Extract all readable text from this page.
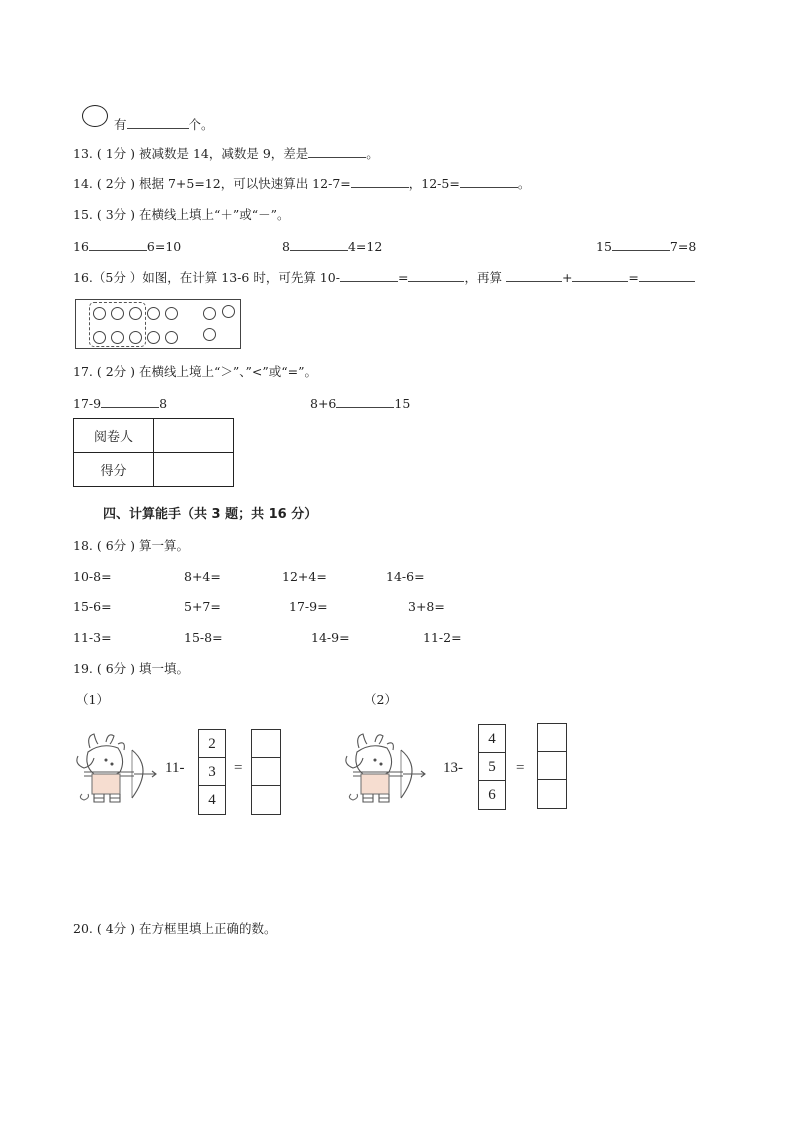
有	个。
13. ( 1分 ) 被减数是 14，减数是 9，差是	。
14. ( 2分 ) 根据 7+5=12，可以快速算出 12-7=	，12-5=	。
15. ( 3分 ) 在横线上填上“＋”或“－”。
16	6=10	8	4=12	15	7=8
16.（5分 ）如图，在计算 13-6 时，可先算 10-	=	，再算	+	=
17. ( 2分 ) 在横线上境上“＞”、”<”或“=”。
17-9	8	8+6	15
阅卷人	
得分	
四、计算能手（共 3 题；共 16 分）
18. ( 6分 ) 算一算。
10-8=	8+4=	12+4=	14-6=
15-6=	5+7=	17-9=	3+8=
11-3=	15-8=	14-9=	11-2=
19. ( 6分 ) 填一填。
（1）	（2）
11-
2
3
4
=	13-
4
5
6
=
20. ( 4分 ) 在方框里填上正确的数。
